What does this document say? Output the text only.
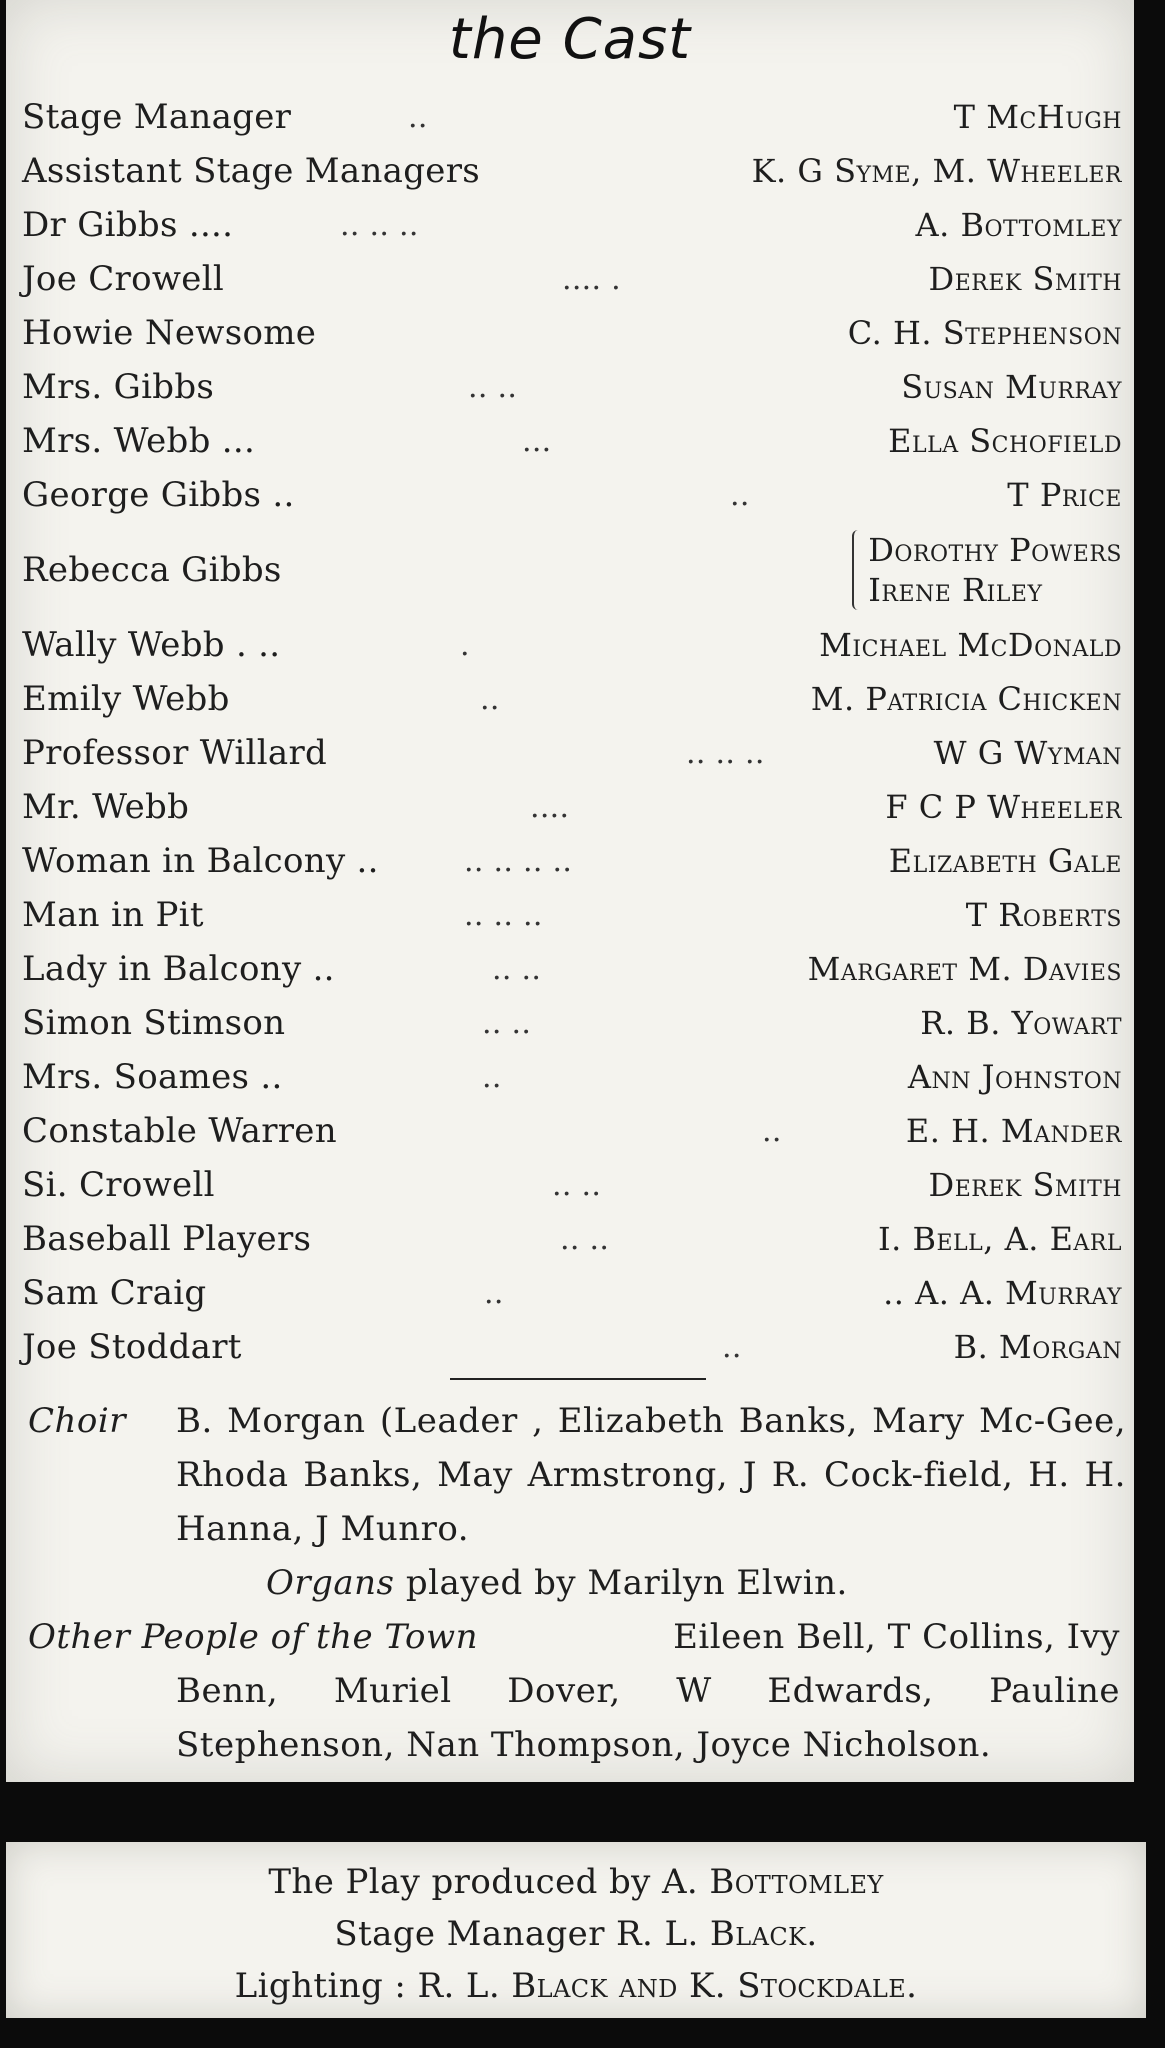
the Cast
Stage Manager	..	T McHugh
Assistant Stage Managers	K. G Syme, M. Wheeler
Dr Gibbs ....	.. .. ..	A. Bottomley
Joe Crowell	.... .	Derek Smith
Howie Newsome	C. H. Stephenson
Mrs. Gibbs	.. ..	Susan Murray
Mrs. Webb ...	...	Ella Schofield
George Gibbs ..	..	T Price
Rebecca Gibbs	Dorothy Powers
Irene Riley
Wally Webb . ..	.	Michael McDonald
Emily Webb	..	M. Patricia Chicken
Professor Willard	.. .. ..	W G Wyman
Mr. Webb	....	F C P Wheeler
Woman in Balcony ..	.. .. .. ..	Elizabeth Gale
Man in Pit	.. .. ..	T Roberts
Lady in Balcony ..	.. ..	Margaret M. Davies
Simon Stimson	.. ..	R. B. Yowart
Mrs. Soames ..	..	Ann Johnston
Constable Warren	..	E. H. Mander
Si. Crowell	.. ..	Derek Smith
Baseball Players	.. ..	I. Bell, A. Earl
Sam Craig	..	.. A. A. Murray
Joe Stoddart	..	B. Morgan
Choir	B. Morgan (Leader , Elizabeth Banks, Mary Mc-Gee, Rhoda Banks, May Armstrong, J R. Cock-field, H. H. Hanna, J Munro.
Organs played by Marilyn Elwin.
Other People of the Town	Eileen Bell, T Collins, Ivy
Benn, Muriel Dover, W Edwards, Pauline Stephenson, Nan Thompson, Joyce Nicholson.
The Play produced by A. Bottomley
Stage Manager R. L. Black.
Lighting : R. L. Black and K. Stockdale.
